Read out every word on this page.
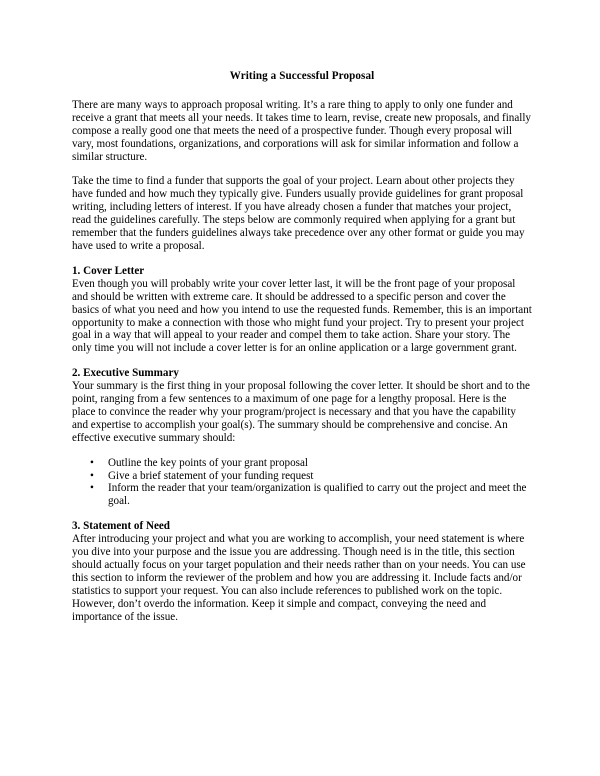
Writing a Successful Proposal

There are many ways to approach proposal writing. It’s a rare thing to apply to only one funder and receive a grant that meets all your needs. It takes time to learn, revise, create new proposals, and finally compose a really good one that meets the need of a prospective funder. Though every proposal will vary, most foundations, organizations, and corporations will ask for similar information and follow a similar structure.

Take the time to find a funder that supports the goal of your project. Learn about other projects they have funded and how much they typically give. Funders usually provide guidelines for grant proposal writing, including letters of interest. If you have already chosen a funder that matches your project, read the guidelines carefully. The steps below are commonly required when applying for a grant but remember that the funders guidelines always take precedence over any other format or guide you may have used to write a proposal.

1. Cover Letter

Even though you will probably write your cover letter last, it will be the front page of your proposal and should be written with extreme care. It should be addressed to a specific person and cover the basics of what you need and how you intend to use the requested funds. Remember, this is an important opportunity to make a connection with those who might fund your project. Try to present your project goal in a way that will appeal to your reader and compel them to take action. Share your story. The only time you will not include a cover letter is for an online application or a large government grant.

2. Executive Summary

Your summary is the first thing in your proposal following the cover letter. It should be short and to the point, ranging from a few sentences to a maximum of one page for a lengthy proposal. Here is the place to convince the reader why your program/project is necessary and that you have the capability and expertise to accomplish your goal(s). The summary should be comprehensive and concise. An effective executive summary should:

• Outline the key points of your grant proposal
• Give a brief statement of your funding request
• Inform the reader that your team/organization is qualified to carry out the project and meet the goal.
3. Statement of Need

After introducing your project and what you are working to accomplish, your need statement is where you dive into your purpose and the issue you are addressing. Though need is in the title, this section should actually focus on your target population and their needs rather than on your needs. You can use this section to inform the reviewer of the problem and how you are addressing it. Include facts and/or statistics to support your request. You can also include references to published work on the topic. However, don’t overdo the information. Keep it simple and compact, conveying the need and importance of the issue.
